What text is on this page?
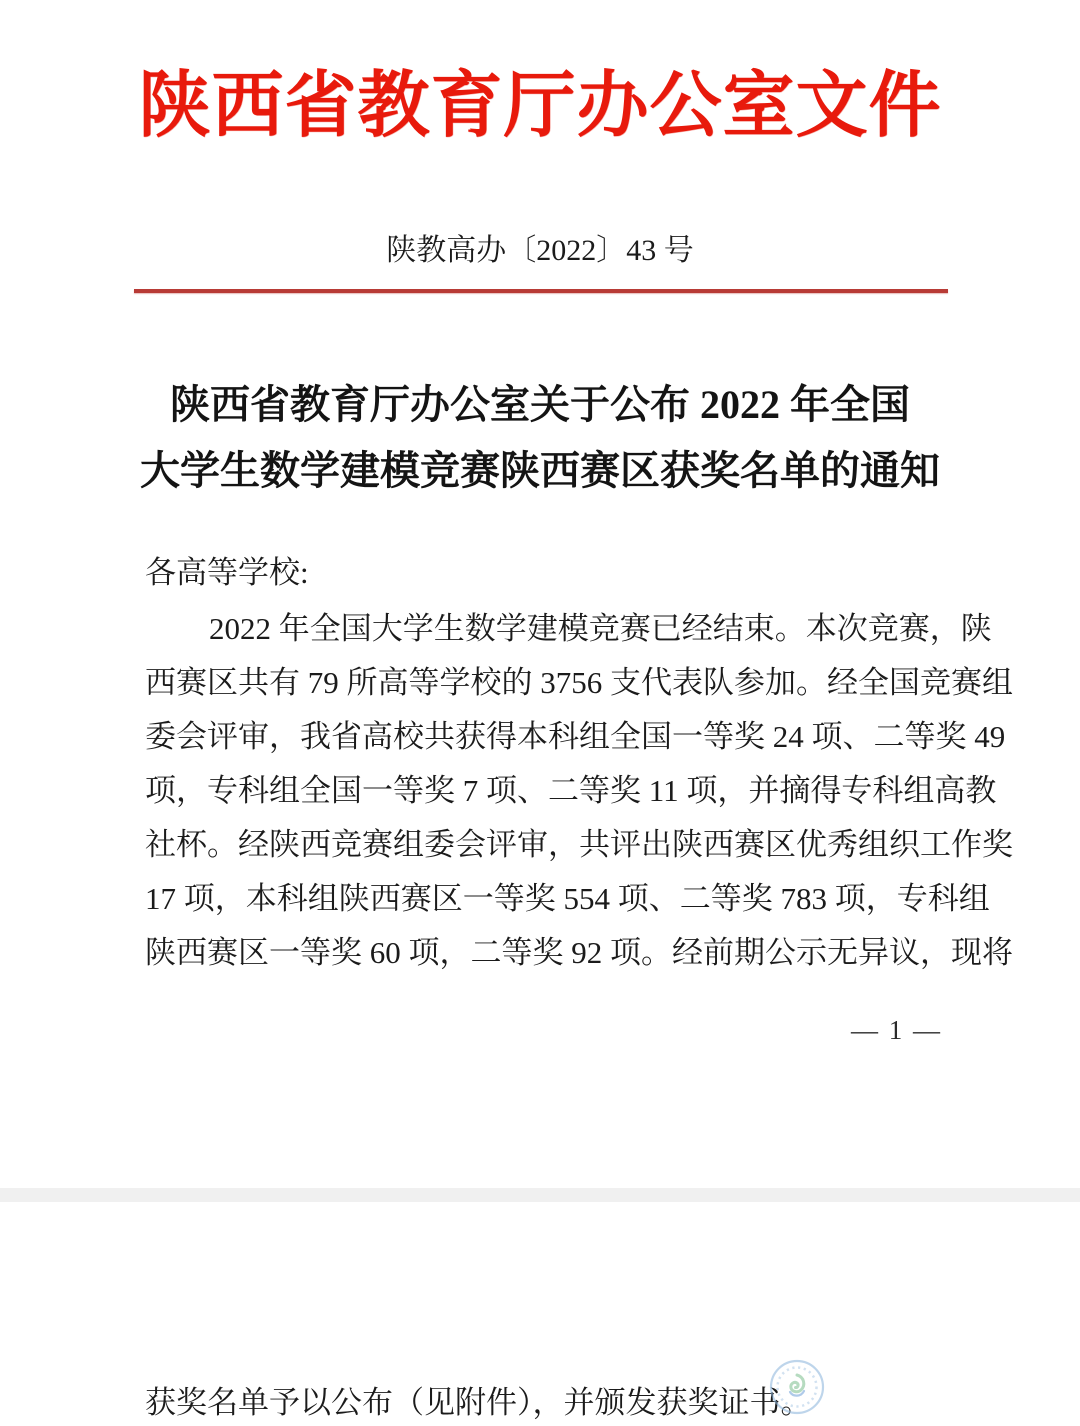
陕西省教育厅办公室文件
陕教高办〔2022〕43 号
陕西省教育厅办公室关于公布 2022 年全国
大学生数学建模竞赛陕西赛区获奖名单的通知
各高等学校:
2022 年全国大学生数学建模竞赛已经结束。本次竞赛，陕
西赛区共有 79 所高等学校的 3756 支代表队参加。经全国竞赛组
委会评审，我省高校共获得本科组全国一等奖 24 项、二等奖 49
项，专科组全国一等奖 7 项、二等奖 11 项，并摘得专科组高教
社杯。经陕西竞赛组委会评审，共评出陕西赛区优秀组织工作奖
17 项，本科组陕西赛区一等奖 554 项、二等奖 783 项，专科组
陕西赛区一等奖 60 项，二等奖 92 项。经前期公示无异议，现将
— 1 —
获奖名单予以公布（见附件），并颁发获奖证书。
